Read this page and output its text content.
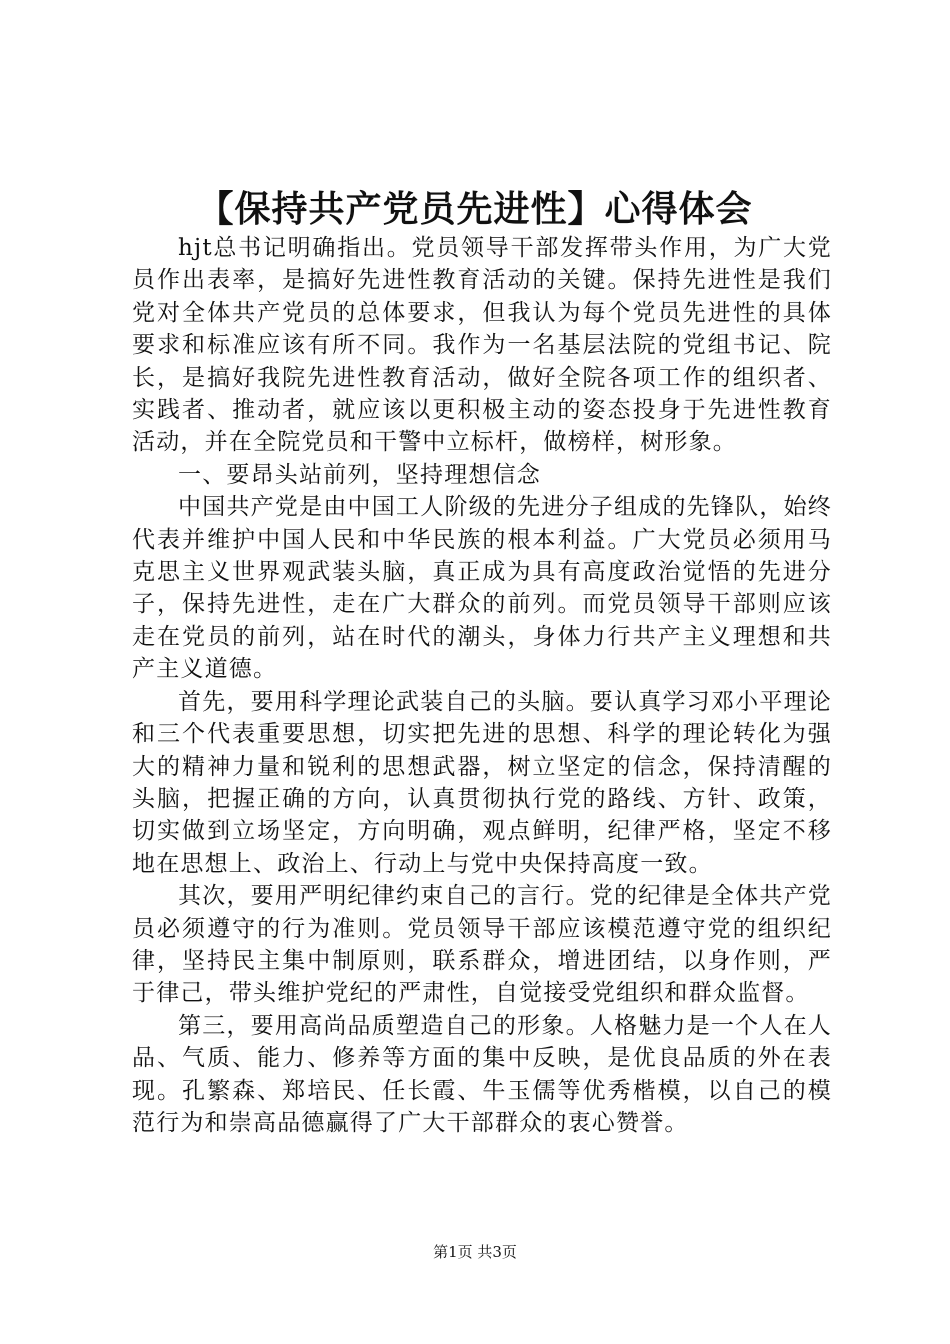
【保持共产党员先进性】心得体会

hjt总书记明确指出。党员领导干部发挥带头作用，为广大党员作出表率，是搞好先进性教育活动的关键。保持先进性是我们党对全体共产党员的总体要求，但我认为每个党员先进性的具体要求和标准应该有所不同。我作为一名基层法院的党组书记、院长，是搞好我院先进性教育活动，做好全院各项工作的组织者、实践者、推动者，就应该以更积极主动的姿态投身于先进性教育活动，并在全院党员和干警中立标杆，做榜样，树形象。

一、要昂头站前列，坚持理想信念

中国共产党是由中国工人阶级的先进分子组成的先锋队，始终代表并维护中国人民和中华民族的根本利益。广大党员必须用马克思主义世界观武装头脑，真正成为具有高度政治觉悟的先进分子，保持先进性，走在广大群众的前列。而党员领导干部则应该走在党员的前列，站在时代的潮头，身体力行共产主义理想和共产主义道德。

首先，要用科学理论武装自己的头脑。要认真学习邓小平理论和三个代表重要思想，切实把先进的思想、科学的理论转化为强大的精神力量和锐利的思想武器，树立坚定的信念，保持清醒的头脑，把握正确的方向，认真贯彻执行党的路线、方针、政策，切实做到立场坚定，方向明确，观点鲜明，纪律严格，坚定不移地在思想上、政治上、行动上与党中央保持高度一致。

其次，要用严明纪律约束自己的言行。党的纪律是全体共产党员必须遵守的行为准则。党员领导干部应该模范遵守党的组织纪律，坚持民主集中制原则，联系群众，增进团结，以身作则，严于律己，带头维护党纪的严肃性，自觉接受党组织和群众监督。

第三，要用高尚品质塑造自己的形象。人格魅力是一个人在人品、气质、能力、修养等方面的集中反映，是优良品质的外在表现。孔繁森、郑培民、任长霞、牛玉儒等优秀楷模，以自己的模范行为和崇高品德赢得了广大干部群众的衷心赞誉。

第1页 共3页
